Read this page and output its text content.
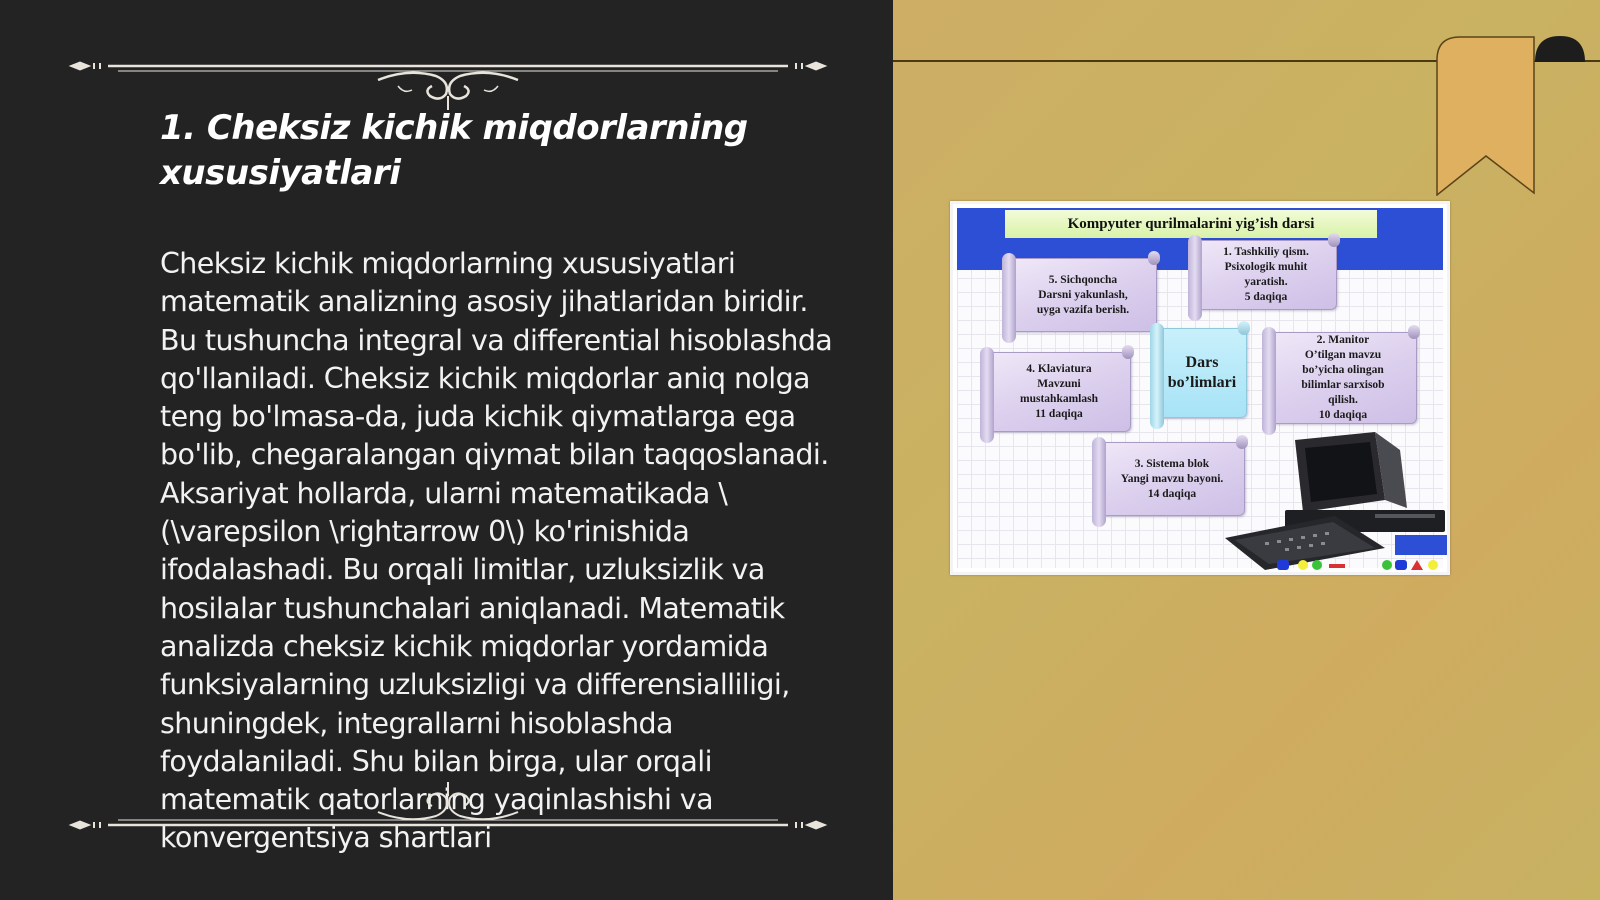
1. Cheksiz kichik miqdorlarning xususiyatlari
Cheksiz kichik miqdorlarning xususiyatlari matematik analizning asosiy jihatlaridan biridir. Bu tushuncha integral va differential hisoblashda qo'llaniladi. Cheksiz kichik miqdorlar aniq nolga teng bo'lmasa-da, juda kichik qiymatlarga ega bo'lib, chegaralangan qiymat bilan taqqoslanadi. Aksariyat hollarda, ularni matematikada \(\varepsilon \rightarrow 0\) ko'rinishida ifodalashadi. Bu orqali limitlar, uzluksizlik va hosilalar tushunchalari aniqlanadi. Matematik analizda cheksiz kichik miqdorlar yordamida funksiyalarning uzluksizligi va differensialliligi, shuningdek, integrallarni hisoblashda foydalaniladi. Shu bilan birga, ular orqali matematik qatorlarning yaqinlashishi va konvergentsiya shartlari
Kompyuter qurilmalarini yig’ish darsi
1. Tashkiliy qism.
Psixologik muhit
yaratish.
5 daqiqa
5. Sichqoncha
Darsni yakunlash,
uyga vazifa berish.
Dars
bo’limlari
2. Manitor
O’tilgan mavzu
bo’yicha olingan
bilimlar sarxisob
qilish.
10 daqiqa
4. Klaviatura
Mavzuni
mustahkamlash
11 daqiqa
3. Sistema blok
Yangi mavzu bayoni.
14 daqiqa
